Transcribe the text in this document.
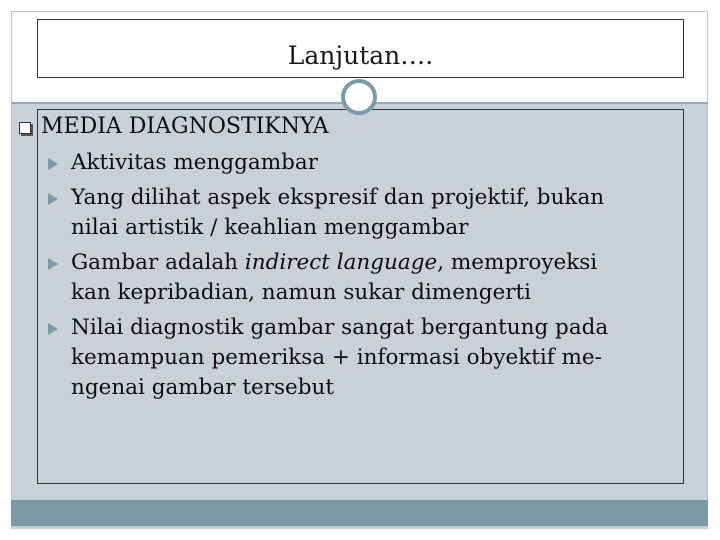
Lanjutan….
MEDIA DIAGNOSTIKNYA
Aktivitas menggambar
Yang dilihat aspek ekspresif dan projektif, bukan
nilai artistik / keahlian menggambar
Gambar adalah indirect language, memproyeksi
kan kepribadian, namun sukar dimengerti
Nilai diagnostik gambar sangat bergantung pada
kemampuan pemeriksa + informasi obyektif me-
ngenai gambar tersebut
